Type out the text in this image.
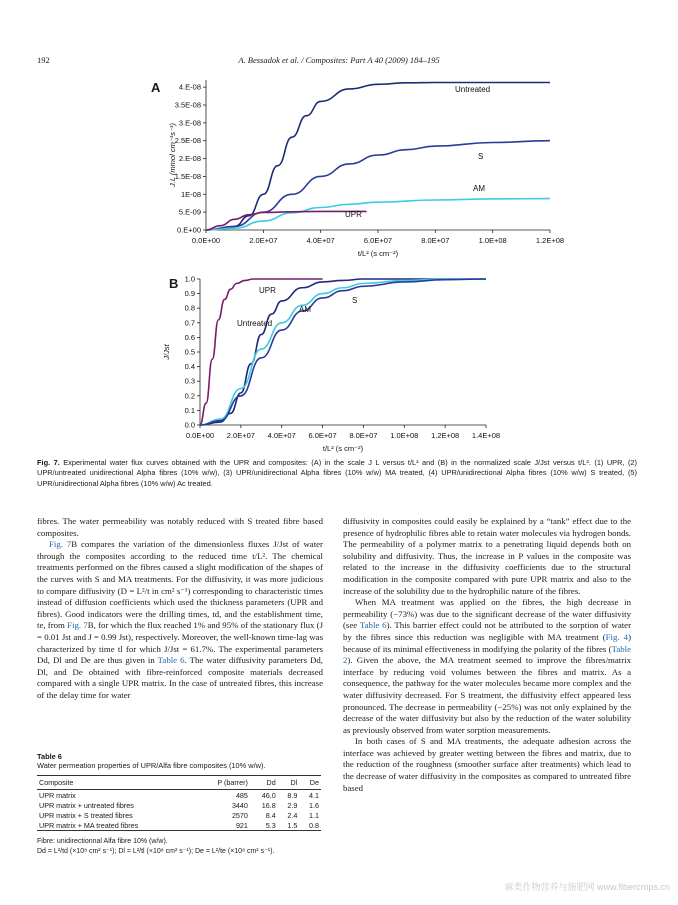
192	A. Bessadok et al. / Composites: Part A 40 (2009) 184–195
A
0.E+00
5.E-09
1E-08
1.5E-08
2.E-08
2.5E-08
3.E-08
3.5E-08
4.E-08
0.0E+00	2.0E+07	4.0E+07	6.0E+07	8.0E+07	1.0E+08	1.2E+08
Untreated
S
AM
UPR
J.L (mmol cm⁻¹s⁻¹)
t/L² (s cm⁻²)
B
0.0
0.1
0.2
0.3
0.4
0.5
0.6
0.7
0.8
0.9
1.0
0.0E+00 2.0E+07 4.0E+07 6.0E+07 8.0E+07 1.0E+08 1.2E+08 1.4E+08
UPR
Untreated
AM
S
J/Jst
t/L² (s cm⁻²)
Fig. 7. Experimental water flux curves obtained with the UPR and composites: (A) in the scale J L versus t/L² and (B) in the normalized scale J/Jst versus t/L². (1) UPR, (2) UPR/untreated unidirectional Alpha fibres (10% w/w), (3) UPR/unidirectional Alpha fibres (10% w/w) MA treated, (4) UPR/unidirectional Alpha fibres (10% w/w) S treated, (5) UPR/unidirectional Alpha fibres (10% w/w) Ac treated.

fibres. The water permeability was notably reduced with S treated fibre based composites.

Fig. 7B compares the variation of the dimensionless fluxes J/Jst of water through the composites according to the reduced time t/L². The chemical treatments performed on the fibres caused a slight modification of the shapes of the curves with S and MA treatments. For the diffusivity, it was more judicious to compare diffusivity (D = L²/t in cm² s⁻¹) corresponding to characteristic times instead of diffusion coefficients which used the thickness parameters (UPR and fibres). Good indicators were the drilling times, td, and the establishment time, te, from Fig. 7B, for which the flux reached 1% and 95% of the stationary flux (J = 0.01 Jst and J = 0.99 Jst), respectively. Moreover, the well-known time-lag was characterized by time tl for which J/Jst = 61.7%. The experimental parameters Dd, Dl and De are thus given in Table 6. The water diffusivity parameters Dd, Dl, and De obtained with fibre-reinforced composite materials decreased compared with a single UPR matrix. In the case of untreated fibres, this increase of the delay time for water

Table 6
Water permeation properties of UPR/Alfa fibre composites (10% w/w).
Composite	P (barrer)	Dd	Dl	De
UPR matrix	485	46.0	8.9	4.1
UPR matrix + untreated fibres	3440	16.8	2.9	1.6
UPR matrix + S treated fibres	2570	8.4	2.4	1.1
UPR matrix + MA treated fibres	921	5.3	1.5	0.8
Fibre: unidirectionnal Alfa fibre 10% (w/w).
Dd = L²/td (×10⁸ cm² s⁻¹); Dl = L²/tl (×10⁸ cm² s⁻¹); De = L²/te (×10⁸ cm² s⁻¹).

diffusivity in composites could easily be explained by a “tank” effect due to the presence of hydrophilic fibres able to retain water molecules via hydrogen bonds. The permeability of a polymer matrix to a penetrating liquid depends both on solubility and diffusivity. Thus, the increase in P values in the composite was related to the increase in the diffusivity coefficients due to the structural modification in the composite compared with pure UPR matrix and also to the increase of the solubility due to the hydrophilic nature of the fibres.

When MA treatment was applied on the fibres, the high decrease in permeability (−73%) was due to the significant decrease of the water diffusivity (see Table 6). This barrier effect could not be attributed to the sorption of water by the fibres since this reduction was negligible with MA treatment (Fig. 4) because of its minimal effectiveness in modifying the polarity of the fibres (Table 2). Given the above, the MA treatment seemed to improve the fibres/matrix interface by reducing void volumes between the fibres and matrix. As a consequence, the pathway for the water molecules became more complex and the water diffusivity decreased. For S treatment, the diffusivity effect appeared less pronounced. The decrease in permeability (−25%) was not only explained by the decrease of the water diffusivity but also by the reduction of the water solubility as previously observed from water sorption measurements.

In both cases of S and MA treatments, the adequate adhesion across the interface was achieved by greater wetting between the fibres and matrix, due to the reduction of the roughness (smoother surface after treatments) which lead to the decrease of water diffusivity in the composites as compared to untreated fibre based

麻类作物营养与施肥网 www.fibercrops.cn
